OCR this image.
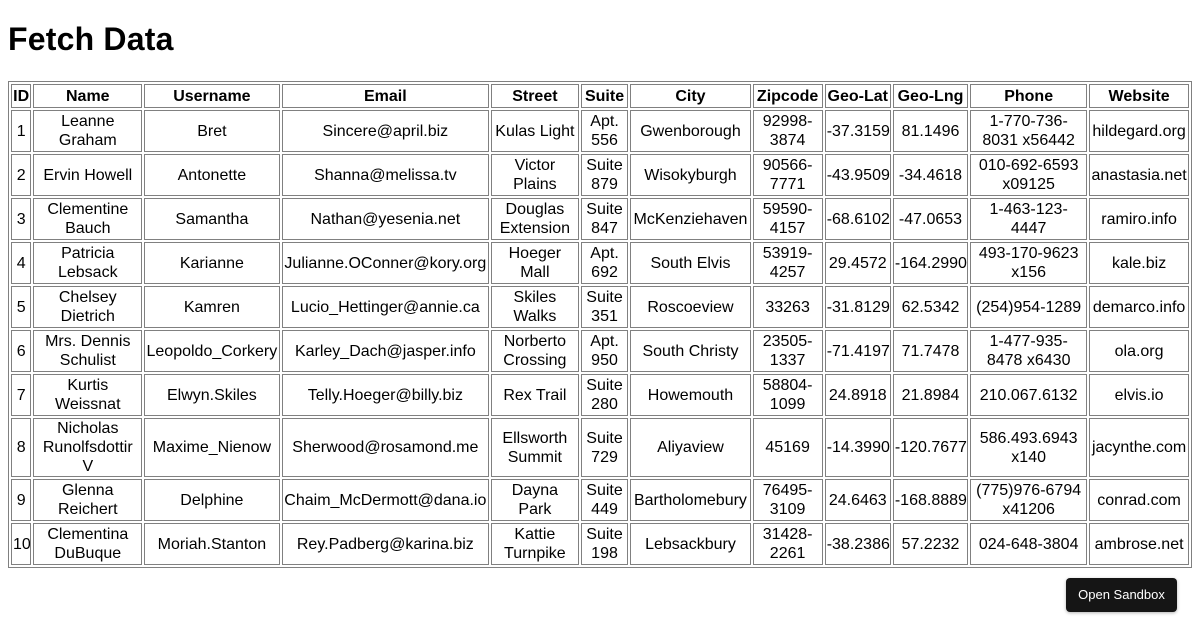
Fetch Data
ID	Name	Username	Email	Street	Suite	City	Zipcode	Geo-Lat	Geo-Lng	Phone	Website
1	Leanne Graham	Bret	Sincere@april.biz	Kulas Light	Apt. 556	Gwenborough	92998-3874	-37.3159	81.1496	1-770-736-8031 x56442	hildegard.org
2	Ervin Howell	Antonette	Shanna@melissa.tv	Victor Plains	Suite 879	Wisokyburgh	90566-7771	-43.9509	-34.4618	010-692-6593 x09125	anastasia.net
3	Clementine Bauch	Samantha	Nathan@yesenia.net	Douglas Extension	Suite 847	McKenziehaven	59590-4157	-68.6102	-47.0653	1-463-123-4447	ramiro.info
4	Patricia Lebsack	Karianne	Julianne.OConner@kory.org	Hoeger Mall	Apt. 692	South Elvis	53919-4257	29.4572	-164.2990	493-170-9623 x156	kale.biz
5	Chelsey Dietrich	Kamren	Lucio_Hettinger@annie.ca	Skiles Walks	Suite 351	Roscoeview	33263	-31.8129	62.5342	(254)954-1289	demarco.info
6	Mrs. Dennis Schulist	Leopoldo_Corkery	Karley_Dach@jasper.info	Norberto Crossing	Apt. 950	South Christy	23505-1337	-71.4197	71.7478	1-477-935-8478 x6430	ola.org
7	Kurtis Weissnat	Elwyn.Skiles	Telly.Hoeger@billy.biz	Rex Trail	Suite 280	Howemouth	58804-1099	24.8918	21.8984	210.067.6132	elvis.io
8	Nicholas Runolfsdottir V	Maxime_Nienow	Sherwood@rosamond.me	Ellsworth Summit	Suite 729	Aliyaview	45169	-14.3990	-120.7677	586.493.6943 x140	jacynthe.com
9	Glenna Reichert	Delphine	Chaim_McDermott@dana.io	Dayna Park	Suite 449	Bartholomebury	76495-3109	24.6463	-168.8889	(775)976-6794 x41206	conrad.com
10	Clementina DuBuque	Moriah.Stanton	Rey.Padberg@karina.biz	Kattie Turnpike	Suite 198	Lebsackbury	31428-2261	-38.2386	57.2232	024-648-3804	ambrose.net
Open Sandbox
